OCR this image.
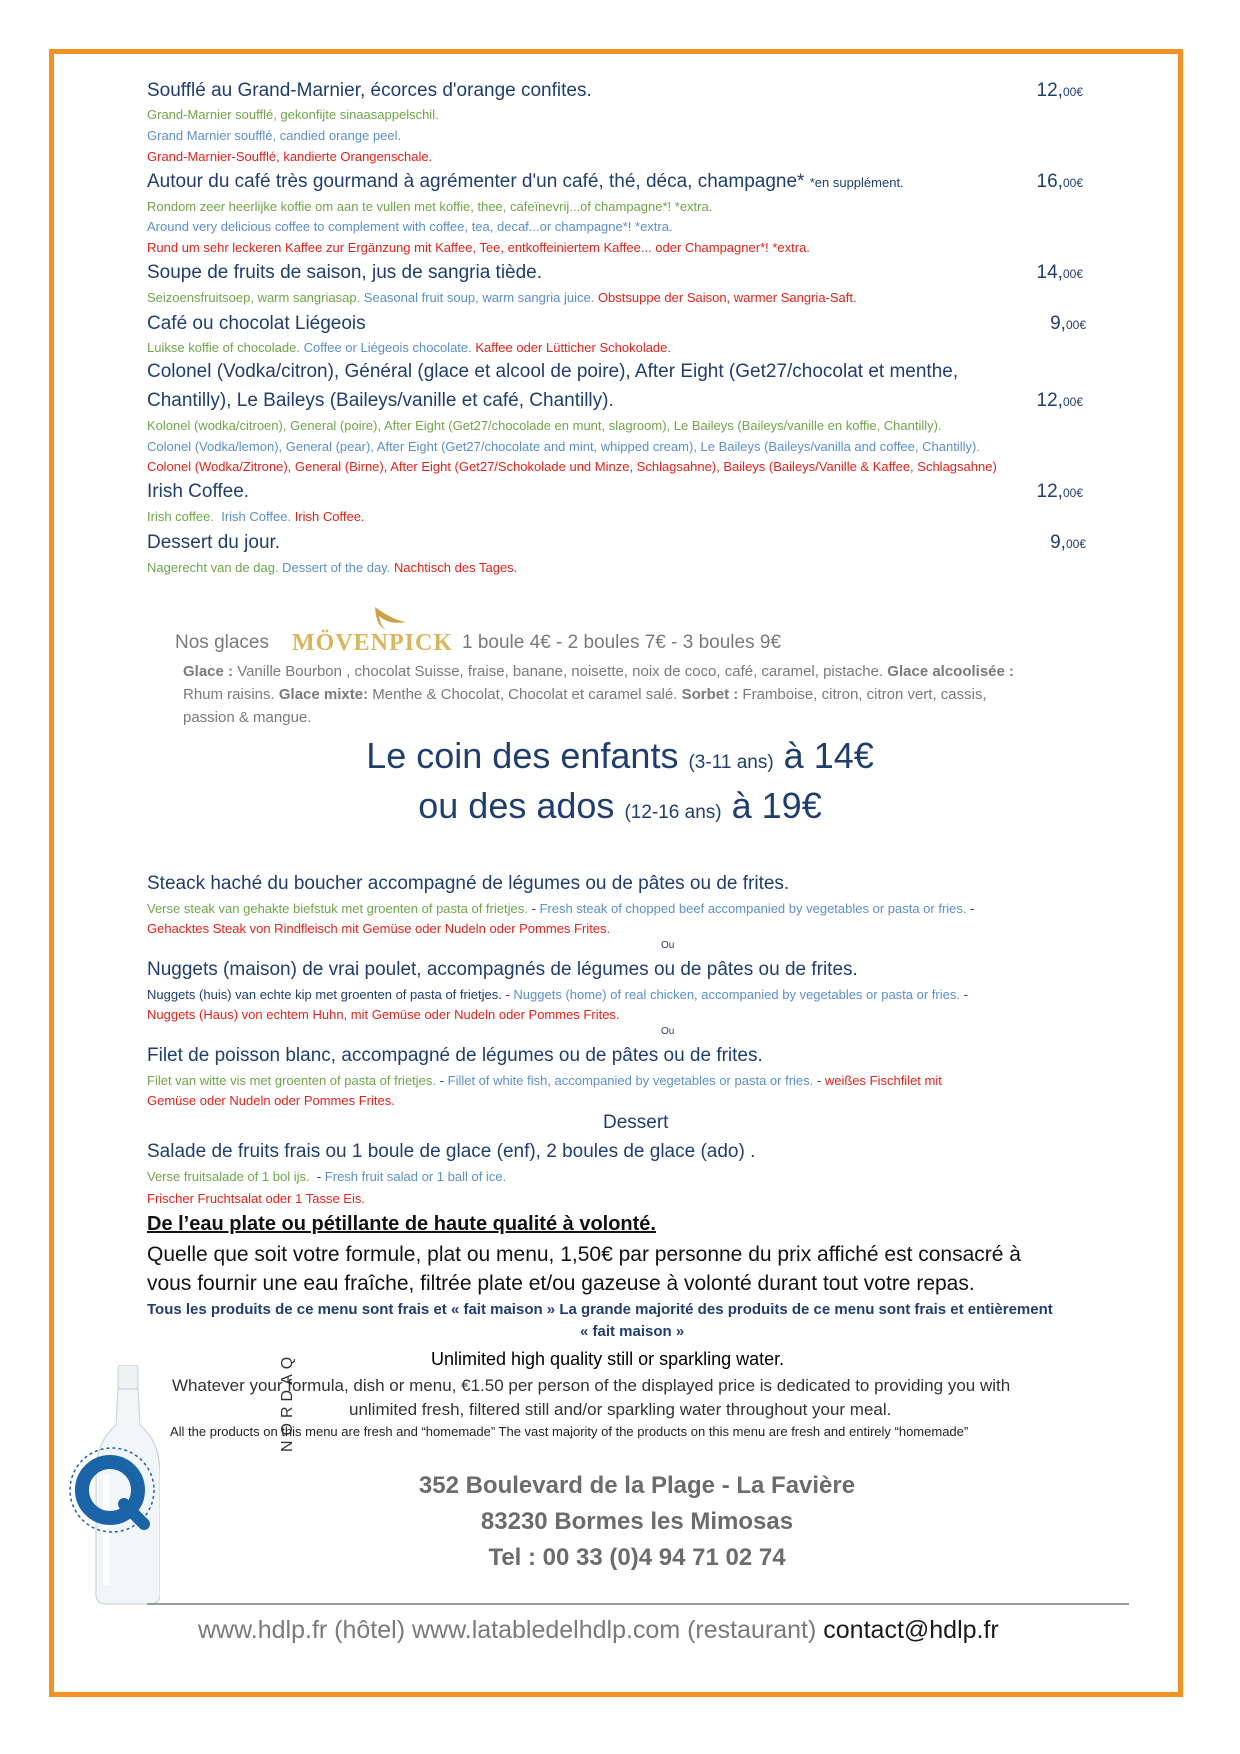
Soufflé au Grand-Marnier, écorces d'orange confites.	12,00€
Grand-Marnier soufflé, gekonfijte sinaasappelschil.
Grand Marnier soufflé, candied orange peel.
Grand-Marnier-Soufflé, kandierte Orangenschale.
Autour du café très gourmand à agrémenter d'un café, thé, déca, champagne* *en supplément.	16,00€
Rondom zeer heerlijke koffie om aan te vullen met koffie, thee, cafeïnevrij...of champagne*! *extra.
Around very delicious coffee to complement with coffee, tea, decaf...or champagne*! *extra.
Rund um sehr leckeren Kaffee zur Ergänzung mit Kaffee, Tee, entkoffeiniertem Kaffee... oder Champagner*! *extra.
Soupe de fruits de saison, jus de sangria tiède.	14,00€
Seizoensfruitsoep, warm sangriasap. Seasonal fruit soup, warm sangria juice. Obstsuppe der Saison, warmer Sangria-Saft.
Café ou chocolat Liégeois	9,00€
Luikse koffie of chocolade. Coffee or Liégeois chocolate. Kaffee oder Lütticher Schokolade.
Colonel (Vodka/citron), Général (glace et alcool de poire), After Eight (Get27/chocolat et menthe,
Chantilly), Le Baileys (Baileys/vanille et café, Chantilly).	12,00€
Kolonel (wodka/citroen), General (poire), After Eight (Get27/chocolade en munt, slagroom), Le Baileys (Baileys/vanille en koffie, Chantilly).
Colonel (Vodka/lemon), General (pear), After Eight (Get27/chocolate and mint, whipped cream), Le Baileys (Baileys/vanilla and coffee, Chantilly).
Colonel (Wodka/Zitrone), General (Birne), After Eight (Get27/Schokolade und Minze, Schlagsahne), Baileys (Baileys/Vanille & Kaffee, Schlagsahne)
Irish Coffee.	12,00€
Irish coffee. Irish Coffee. Irish Coffee.
Dessert du jour.	9,00€
Nagerecht van de dag. Dessert of the day. Nachtisch des Tages.
Nos glaces MÖVENPICK 1 boule 4€ - 2 boules 7€ - 3 boules 9€
Glace : Vanille Bourbon , chocolat Suisse, fraise, banane, noisette, noix de coco, café, caramel, pistache. Glace alcoolisée :
Rhum raisins. Glace mixte: Menthe & Chocolat, Chocolat et caramel salé. Sorbet : Framboise, citron, citron vert, cassis,
passion & mangue.
Le coin des enfants (3-11 ans) à 14€
ou des ados (12-16 ans) à 19€
Steack haché du boucher accompagné de légumes ou de pâtes ou de frites.
Verse steak van gehakte biefstuk met groenten of pasta of frietjes. - Fresh steak of chopped beef accompanied by vegetables or pasta or fries. -
Gehacktes Steak von Rindfleisch mit Gemüse oder Nudeln oder Pommes Frites.
Ou
Nuggets (maison) de vrai poulet, accompagnés de légumes ou de pâtes ou de frites.
Nuggets (huis) van echte kip met groenten of pasta of frietjes. - Nuggets (home) of real chicken, accompanied by vegetables or pasta or fries. -
Nuggets (Haus) von echtem Huhn, mit Gemüse oder Nudeln oder Pommes Frites.
Ou
Filet de poisson blanc, accompagné de légumes ou de pâtes ou de frites.
Filet van witte vis met groenten of pasta of frietjes. - Fillet of white fish, accompanied by vegetables or pasta or fries. - weißes Fischfilet mit
Gemüse oder Nudeln oder Pommes Frites.
Dessert
Salade de fruits frais ou 1 boule de glace (enf), 2 boules de glace (ado) .
Verse fruitsalade of 1 bol ijs. - Fresh fruit salad or 1 ball of ice.
Frischer Fruchtsalat oder 1 Tasse Eis.
De l’eau plate ou pétillante de haute qualité à volonté.
Quelle que soit votre formule, plat ou menu, 1,50€ par personne du prix affiché est consacré à
vous fournir une eau fraîche, filtrée plate et/ou gazeuse à volonté durant tout votre repas.
Tous les produits de ce menu sont frais et « fait maison » La grande majorité des produits de ce menu sont frais et entièrement
« fait maison »
Unlimited high quality still or sparkling water.
Whatever your formula, dish or menu, €1.50 per person of the displayed price is dedicated to providing you with
unlimited fresh, filtered still and/or sparkling water throughout your meal.
All the products on this menu are fresh and “homemade” The vast majority of the products on this menu are fresh and entirely “homemade”
NORDAQ
352 Boulevard de la Plage - La Favière
83230 Bormes les Mimosas
Tel : 00 33 (0)4 94 71 02 74
www.hdlp.fr (hôtel) www.latabledelhdlp.com (restaurant) contact@hdlp.fr
